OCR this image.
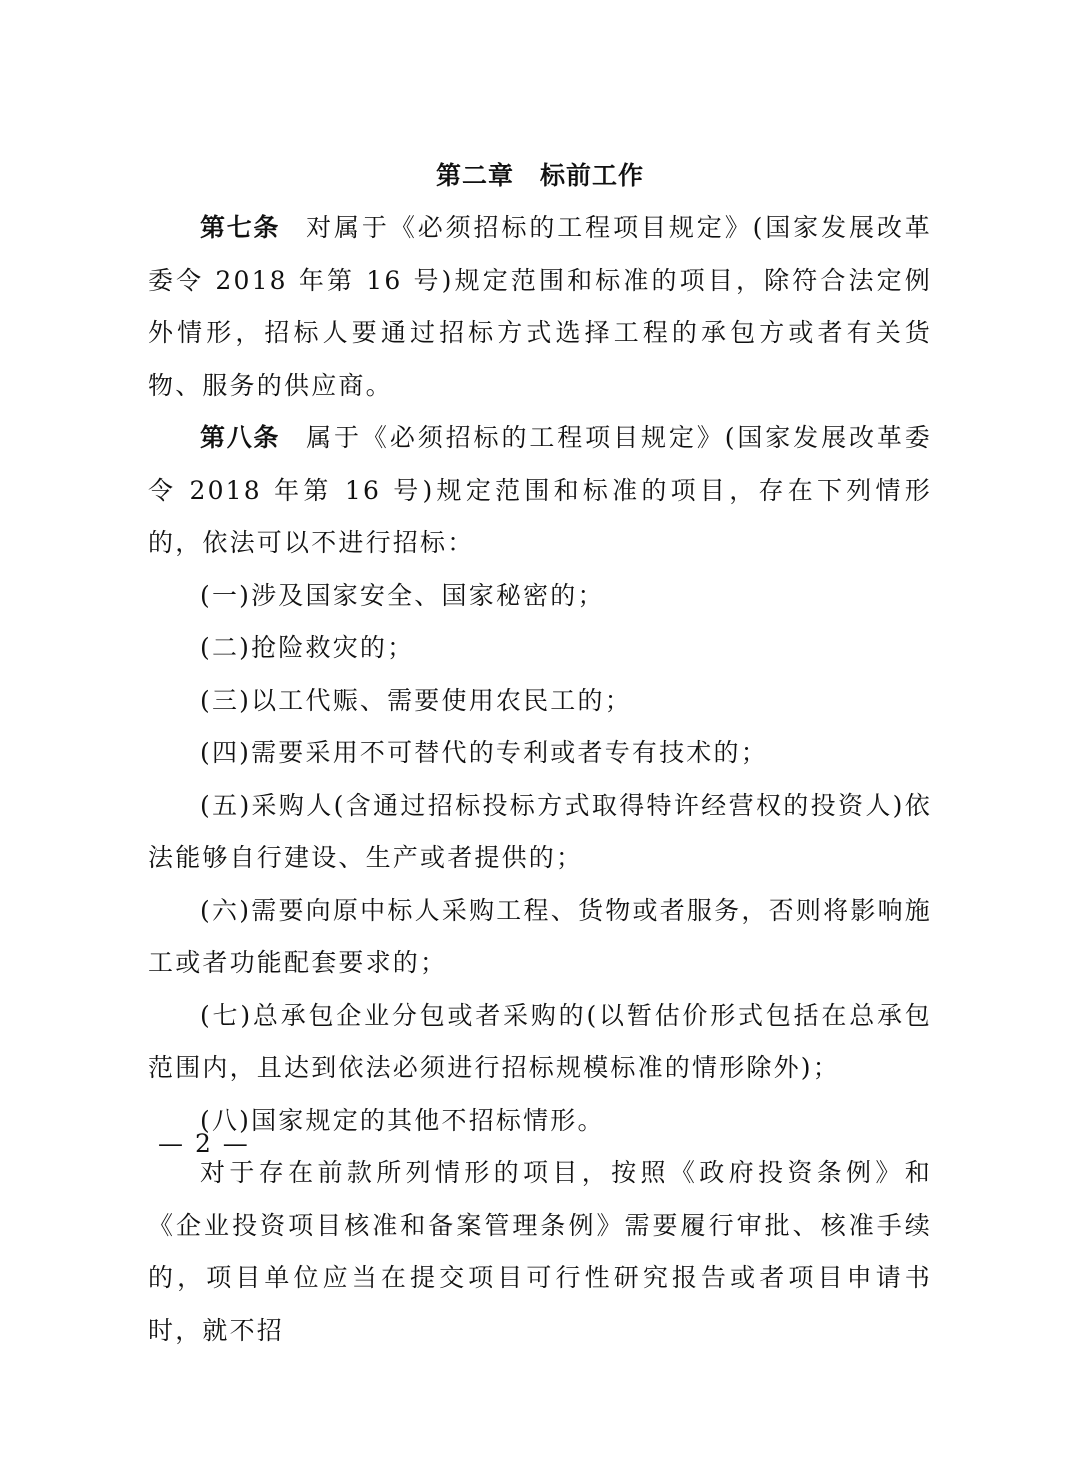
第二章　标前工作

第七条 对属于《必须招标的工程项目规定》(国家发展改革委令 2018 年第 16 号)规定范围和标准的项目，除符合法定例外情形，招标人要通过招标方式选择工程的承包方或者有关货物、服务的供应商。

第八条 属于《必须招标的工程项目规定》(国家发展改革委令 2018 年第 16 号)规定范围和标准的项目，存在下列情形的，依法可以不进行招标：

(一)涉及国家安全、国家秘密的；

(二)抢险救灾的；

(三)以工代赈、需要使用农民工的；

(四)需要采用不可替代的专利或者专有技术的；

(五)采购人(含通过招标投标方式取得特许经营权的投资人)依法能够自行建设、生产或者提供的；

(六)需要向原中标人采购工程、货物或者服务，否则将影响施工或者功能配套要求的；

(七)总承包企业分包或者采购的(以暂估价形式包括在总承包范围内，且达到依法必须进行招标规模标准的情形除外)；

(八)国家规定的其他不招标情形。

对于存在前款所列情形的项目，按照《政府投资条例》和《企业投资项目核准和备案管理条例》需要履行审批、核准手续的，项目单位应当在提交项目可行性研究报告或者项目申请书时，就不招

— 2 —
